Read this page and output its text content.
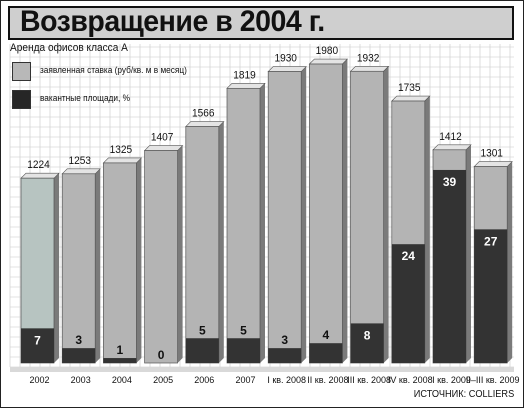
1224
7
2002
1253
3
2003
1325
1
2004
1407
0
2005
1566
5
2006
1819
5
2007
1930
3
I кв. 2008
1980
4
II кв. 2008
1932
8
III кв. 2008
1735
24
IV кв. 2008
1412
39
I кв. 2009
1301
27
II–III кв. 2009
Возвращение в 2004 г.
Аренда офисов класса А
заявленная ставка (руб/кв. м в месяц)
вакантные площади, %
ИСТОЧНИК: COLLIERS
